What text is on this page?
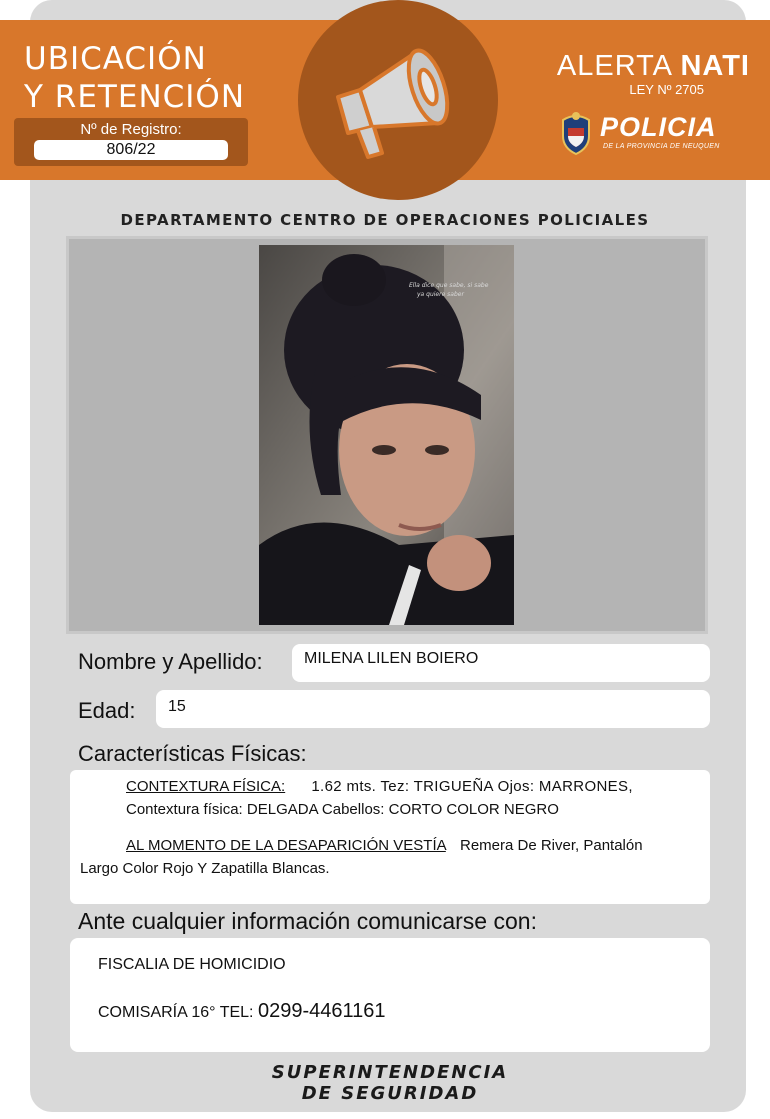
UBICACIÓN
Y RETENCIÓN
Nº de Registro:
806/22
ALERTA NATI
LEY Nº 2705
POLICIA
DE LA PROVINCIA DE NEUQUEN
DEPARTAMENTO CENTRO DE OPERACIONES POLICIALES
Ella dice que sabe, si sabe
ya quiere saber
Nombre y Apellido:	MILENA LILEN BOIERO
Edad:	15
Características Físicas:
CONTEXTURA FÍSICA: 1.62 mts. Tez: TRIGUEÑA Ojos: MARRONES,
Contextura física: DELGADA Cabellos: CORTO COLOR NEGRO
AL MOMENTO DE LA DESAPARICIÓN VESTÍA Remera De River, Pantalón
Largo Color Rojo Y Zapatilla Blancas.
Ante cualquier información comunicarse con:
FISCALIA DE HOMICIDIO
COMISARÍA 16° TEL: 0299-4461161
SUPERINTENDENCIA
DE SEGURIDAD
